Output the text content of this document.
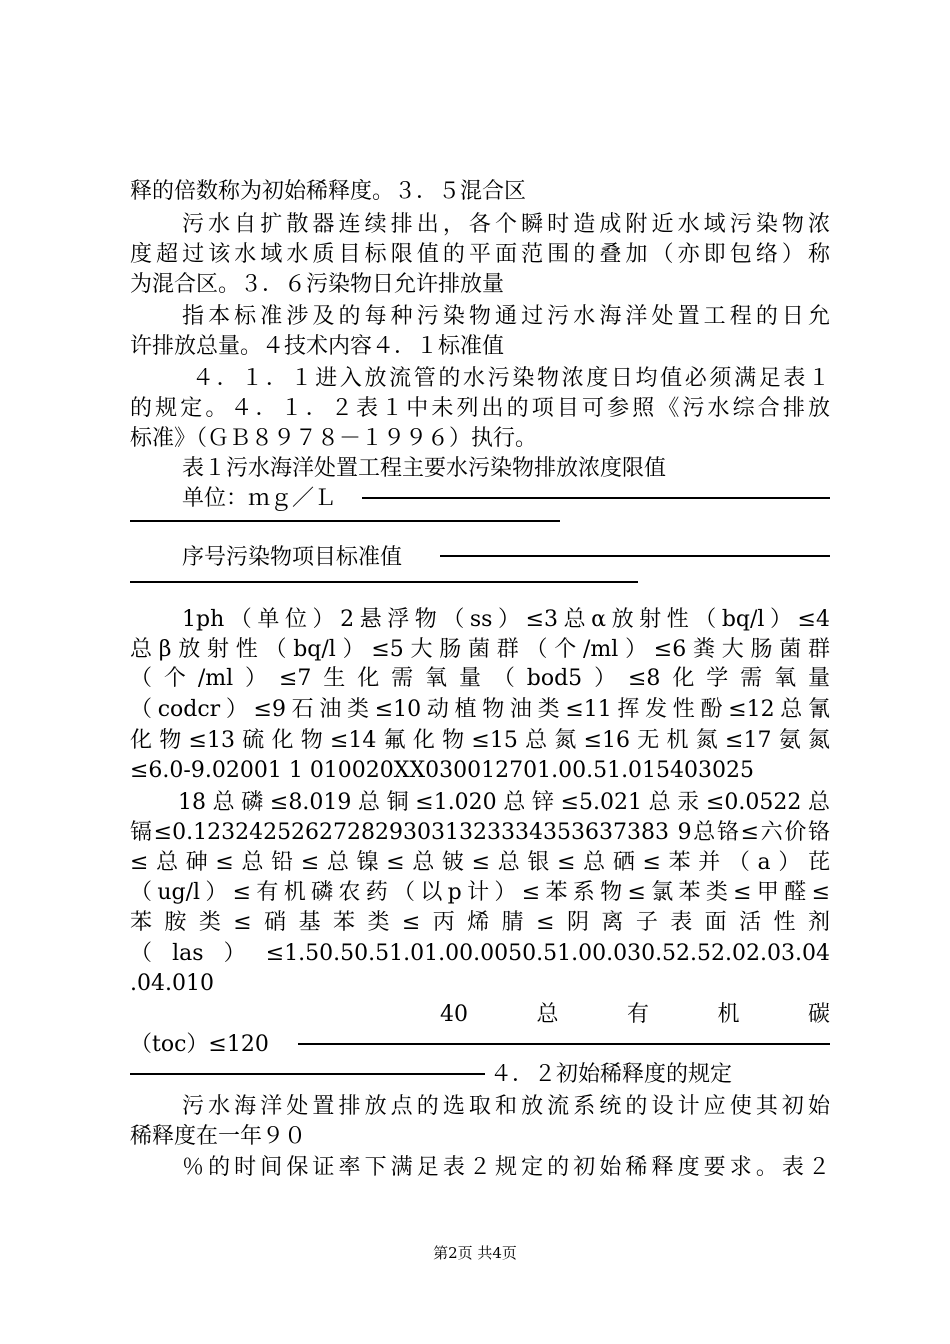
释的倍数称为初始稀释度。３．５混合区
污水自扩散器连续排出，各个瞬时造成附近水域污染物浓
度超过该水域水质目标限值的平面范围的叠加（亦即包络）称
为混合区。３．６污染物日允许排放量
指本标准涉及的每种污染物通过污水海洋处置工程的日允
许排放总量。４技术内容４．１标准值
４．１．１进入放流管的水污染物浓度日均值必须满足表１
的规定。４．１．２表１中未列出的项目可参照《污水综合排放
标准》（ＧＢ８９７８－１９９６）执行。
表１污水海洋处置工程主要水污染物排放浓度限值
单位：ｍｇ／Ｌ
序号污染物项目标准值
1ph（单位）2悬浮物（ss）≤3总α放射性（bq/l）≤4
总β放射性（bq/l）≤5大肠菌群（个/ml）≤6粪大肠菌群
（个/ml）≤7生化需氧量（bod5）≤8化学需氧量
（codcr）≤9石油类≤10动植物油类≤11挥发性酚≤12总氰
化物≤13硫化物≤14氟化物≤15总氮≤16无机氮≤17氨氮
≤6.0-9.02001 1 010020XX030012701.00.51.015403025
18总磷≤8.019总铜≤1.020总锌≤5.021总汞≤0.0522总
镉≤0.1232425262728293031323334353637383 9总铬≤六价铬
≤总砷≤总铅≤总镍≤总铍≤总银≤总硒≤苯并（a）芘
（ug/l）≤有机磷农药（以p计）≤苯系物≤氯苯类≤甲醛≤
苯胺类≤硝基苯类≤丙烯腈≤阴离子表面活性剂
（las）≤1.50.50.51.01.00.0050.51.00.030.52.52.02.03.04
.04.010
40总有机碳
（toc）≤120
４．２初始稀释度的规定
污水海洋处置排放点的选取和放流系统的设计应使其初始
稀释度在一年９０
％的时间保证率下满足表２规定的初始稀释度要求。表２
第2页 共4页
